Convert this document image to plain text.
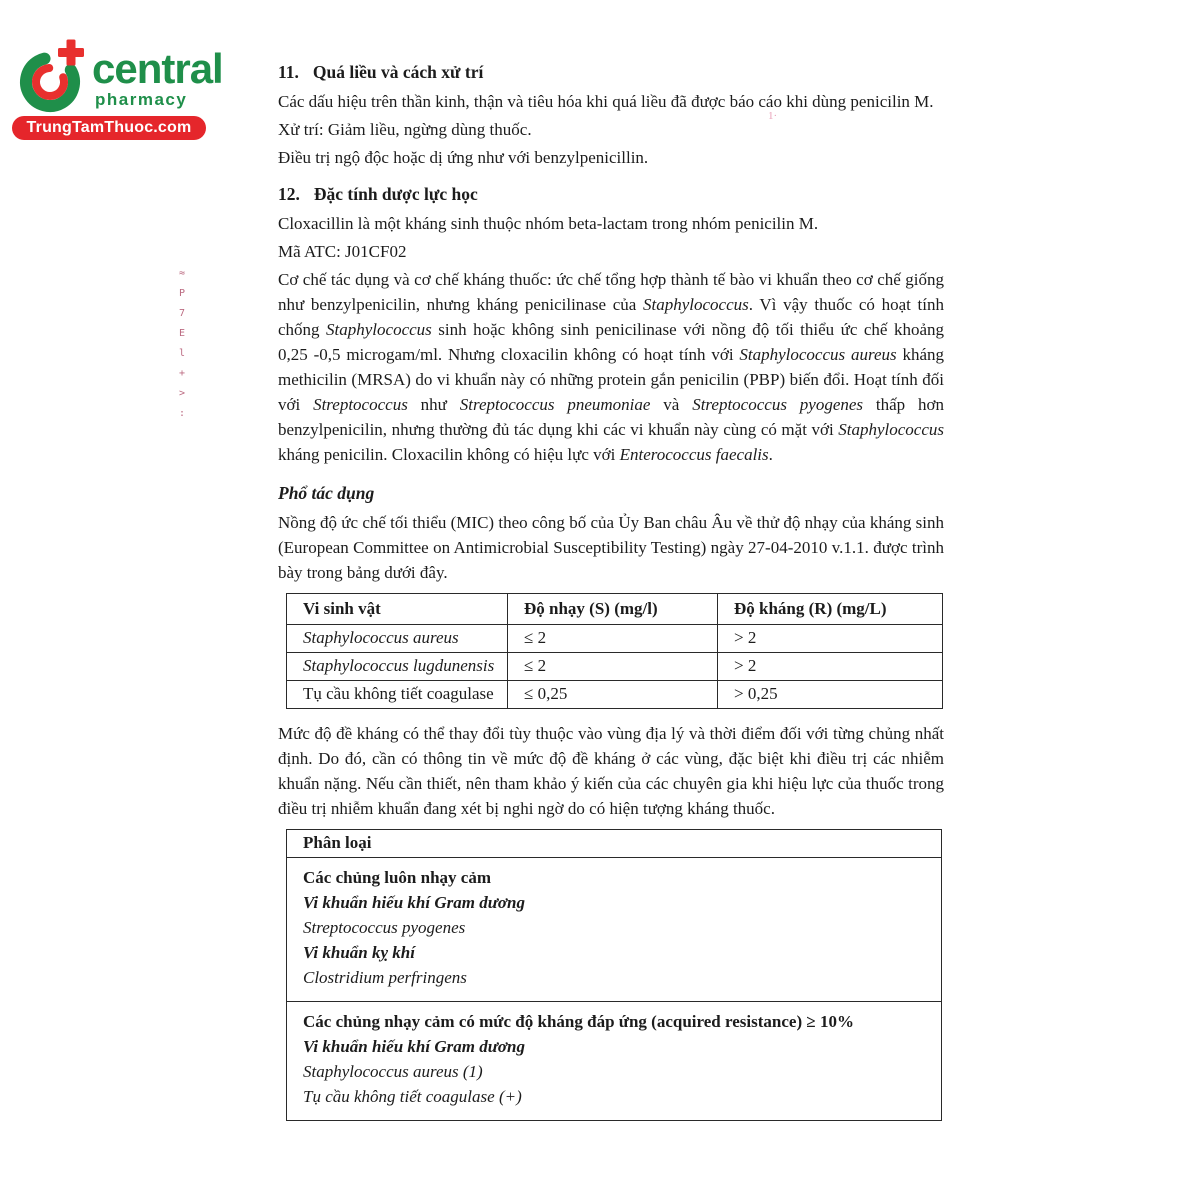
central
pharmacy
TrungTamThuoc.com
≈
P
7
E
l
+
>
:
1·
11. Quá liều và cách xử trí

Các dấu hiệu trên thần kinh, thận và tiêu hóa khi quá liều đã được báo cáo khi dùng penicilin M.

Xử trí: Giảm liều, ngừng dùng thuốc.

Điều trị ngộ độc hoặc dị ứng như với benzylpenicillin.

12. Đặc tính dược lực học

Cloxacillin là một kháng sinh thuộc nhóm beta-lactam trong nhóm penicilin M.

Mã ATC: J01CF02

Cơ chế tác dụng và cơ chế kháng thuốc: ức chế tổng hợp thành tế bào vi khuẩn theo cơ chế giống như benzylpenicilin, nhưng kháng penicilinase của Staphylococcus. Vì vậy thuốc có hoạt tính chống Staphylococcus sinh hoặc không sinh penicilinase với nồng độ tối thiểu ức chế khoảng 0,25 -0,5 microgam/ml. Nhưng cloxacilin không có hoạt tính với Staphylococcus aureus kháng methicilin (MRSA) do vi khuẩn này có những protein gắn penicilin (PBP) biến đổi. Hoạt tính đối với Streptococcus như Streptococcus pneumoniae và Streptococcus pyogenes thấp hơn benzylpenicilin, nhưng thường đủ tác dụng khi các vi khuẩn này cùng có mặt với Staphylococcus kháng penicilin. Cloxacilin không có hiệu lực với Enterococcus faecalis.

Phổ tác dụng

Nồng độ ức chế tối thiểu (MIC) theo công bố của Ủy Ban châu Âu về thử độ nhạy của kháng sinh (European Committee on Antimicrobial Susceptibility Testing) ngày 27-04-2010 v.1.1. được trình bày trong bảng dưới đây.

Vi sinh vật	Độ nhạy (S) (mg/l)	Độ kháng (R) (mg/L)
Staphylococcus aureus	≤ 2	> 2
Staphylococcus lugdunensis	≤ 2	> 2
Tụ cầu không tiết coagulase	≤ 0,25	> 0,25

Mức độ đề kháng có thể thay đổi tùy thuộc vào vùng địa lý và thời điểm đối với từng chủng nhất định. Do đó, cần có thông tin về mức độ đề kháng ở các vùng, đặc biệt khi điều trị các nhiễm khuẩn nặng. Nếu cần thiết, nên tham khảo ý kiến của các chuyên gia khi hiệu lực của thuốc trong điều trị nhiễm khuẩn đang xét bị nghi ngờ do có hiện tượng kháng thuốc.

Phân loại

Các chủng luôn nhạy cảm
Vi khuẩn hiếu khí Gram dương
Streptococcus pyogenes
Vi khuẩn kỵ khí
Clostridium perfringens

Các chủng nhạy cảm có mức độ kháng đáp ứng (acquired resistance) ≥ 10%
Vi khuẩn hiếu khí Gram dương
Staphylococcus aureus (1)
Tụ cầu không tiết coagulase (+)
